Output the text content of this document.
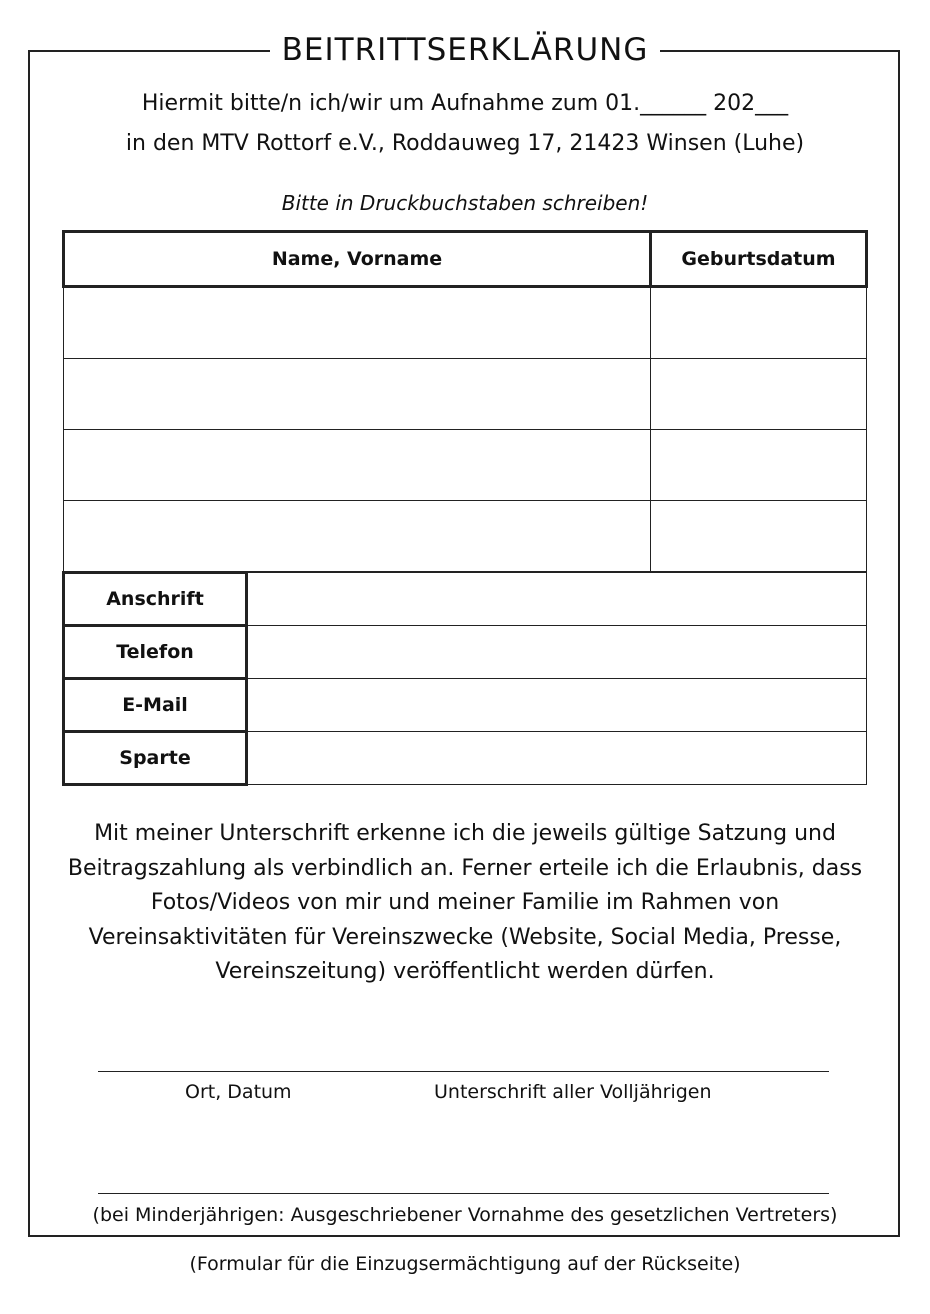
BEITRITTSERKLÄRUNG
Hiermit bitte/n ich/wir um Aufnahme zum 01.______ 202___
in den MTV Rottorf e.V., Roddauweg 17, 21423 Winsen (Luhe)
Bitte in Druckbuchstaben schreiben!
Name, Vorname	Geburtsdatum

Anschrift	
Telefon	
E-Mail	
Sparte	
Mit meiner Unterschrift erkenne ich die jeweils gültige Satzung und Beitragszahlung als verbindlich an. Ferner erteile ich die Erlaubnis, dass Fotos/Videos von mir und meiner Familie im Rahmen von Vereinsaktivitäten für Vereinszwecke (Website, Social Media, Presse, Vereinszeitung) veröffentlicht werden dürfen.
Ort, Datum	Unterschrift aller Volljährigen
(bei Minderjährigen: Ausgeschriebener Vornahme des gesetzlichen Vertreters)
(Formular für die Einzugsermächtigung auf der Rückseite)
